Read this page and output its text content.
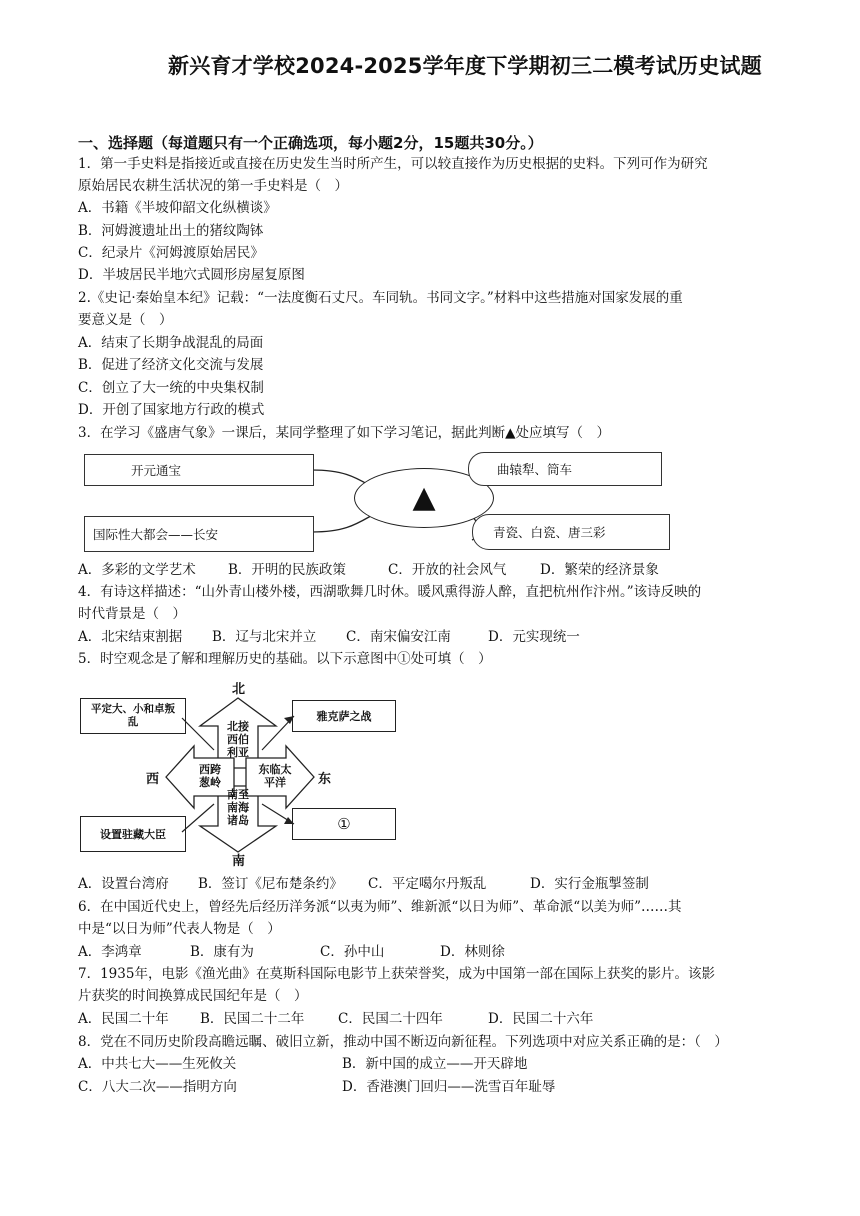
新兴育才学校2024-2025学年度下学期初三二模考试历史试题
一、选择题（每道题只有一个正确选项，每小题2分，15题共30分。）
1．第一手史料是指接近或直接在历史发生当时所产生，可以较直接作为历史根据的史料。下列可作为研究
原始居民农耕生活状况的第一手史料是（　）
A．书籍《半坡仰韶文化纵横谈》
B．河姆渡遗址出土的猪纹陶钵
C．纪录片《河姆渡原始居民》
D．半坡居民半地穴式圆形房屋复原图
2.《史记·秦始皇本纪》记载：“一法度衡石丈尺。车同轨。书同文字。”材料中这些措施对国家发展的重
要意义是（　）
A．结束了长期争战混乱的局面
B．促进了经济文化交流与发展
C．创立了大一统的中央集权制
D．开创了国家地方行政的模式
3．在学习《盛唐气象》一课后，某同学整理了如下学习笔记，据此判断▲处应填写（　）
▲
开元通宝
国际性大都会——长安
曲辕犁、筒车
青瓷、白瓷、唐三彩
A．多彩的文学艺术 B．开明的民族政策	C．开放的社会风气 D．繁荣的经济景象
4．有诗这样描述：“山外青山楼外楼，西湖歌舞几时休。暖风熏得游人醉，直把杭州作汴州。”该诗反映的
时代背景是（　）
A．北宋结束割据 B．辽与北宋并立 C．南宋偏安江南	D．元实现统一
5．时空观念是了解和理解历史的基础。以下示意图中①处可填（　）
北
南
西	东
北接西伯利亚
南至南海诸岛
西跨葱岭
东临太平洋
平定大、小和卓叛乱	雅克萨之战
设置驻藏大臣
①
A．设置台湾府 B．签订《尼布楚条约》 C．平定噶尔丹叛乱	D．实行金瓶掣签制
6．在中国近代史上，曾经先后经历洋务派“以夷为师”、维新派“以日为师”、革命派“以美为师”……其
中是“以日为师”代表人物是（　）
A．李鸿章	B．康有为	C．孙中山	D．林则徐
7．1935年，电影《渔光曲》在莫斯科国际电影节上获荣誉奖，成为中国第一部在国际上获奖的影片。该影
片获奖的时间换算成民国纪年是（　）
A．民国二十年 B．民国二十二年 C．民国二十四年	D．民国二十六年
8．党在不同历史阶段高瞻远瞩、破旧立新，推动中国不断迈向新征程。下列选项中对应关系正确的是：（　）
A．中共七大——生死攸关	B．新中国的成立——开天辟地
C．八大二次——指明方向	D．香港澳门回归——洗雪百年耻辱
